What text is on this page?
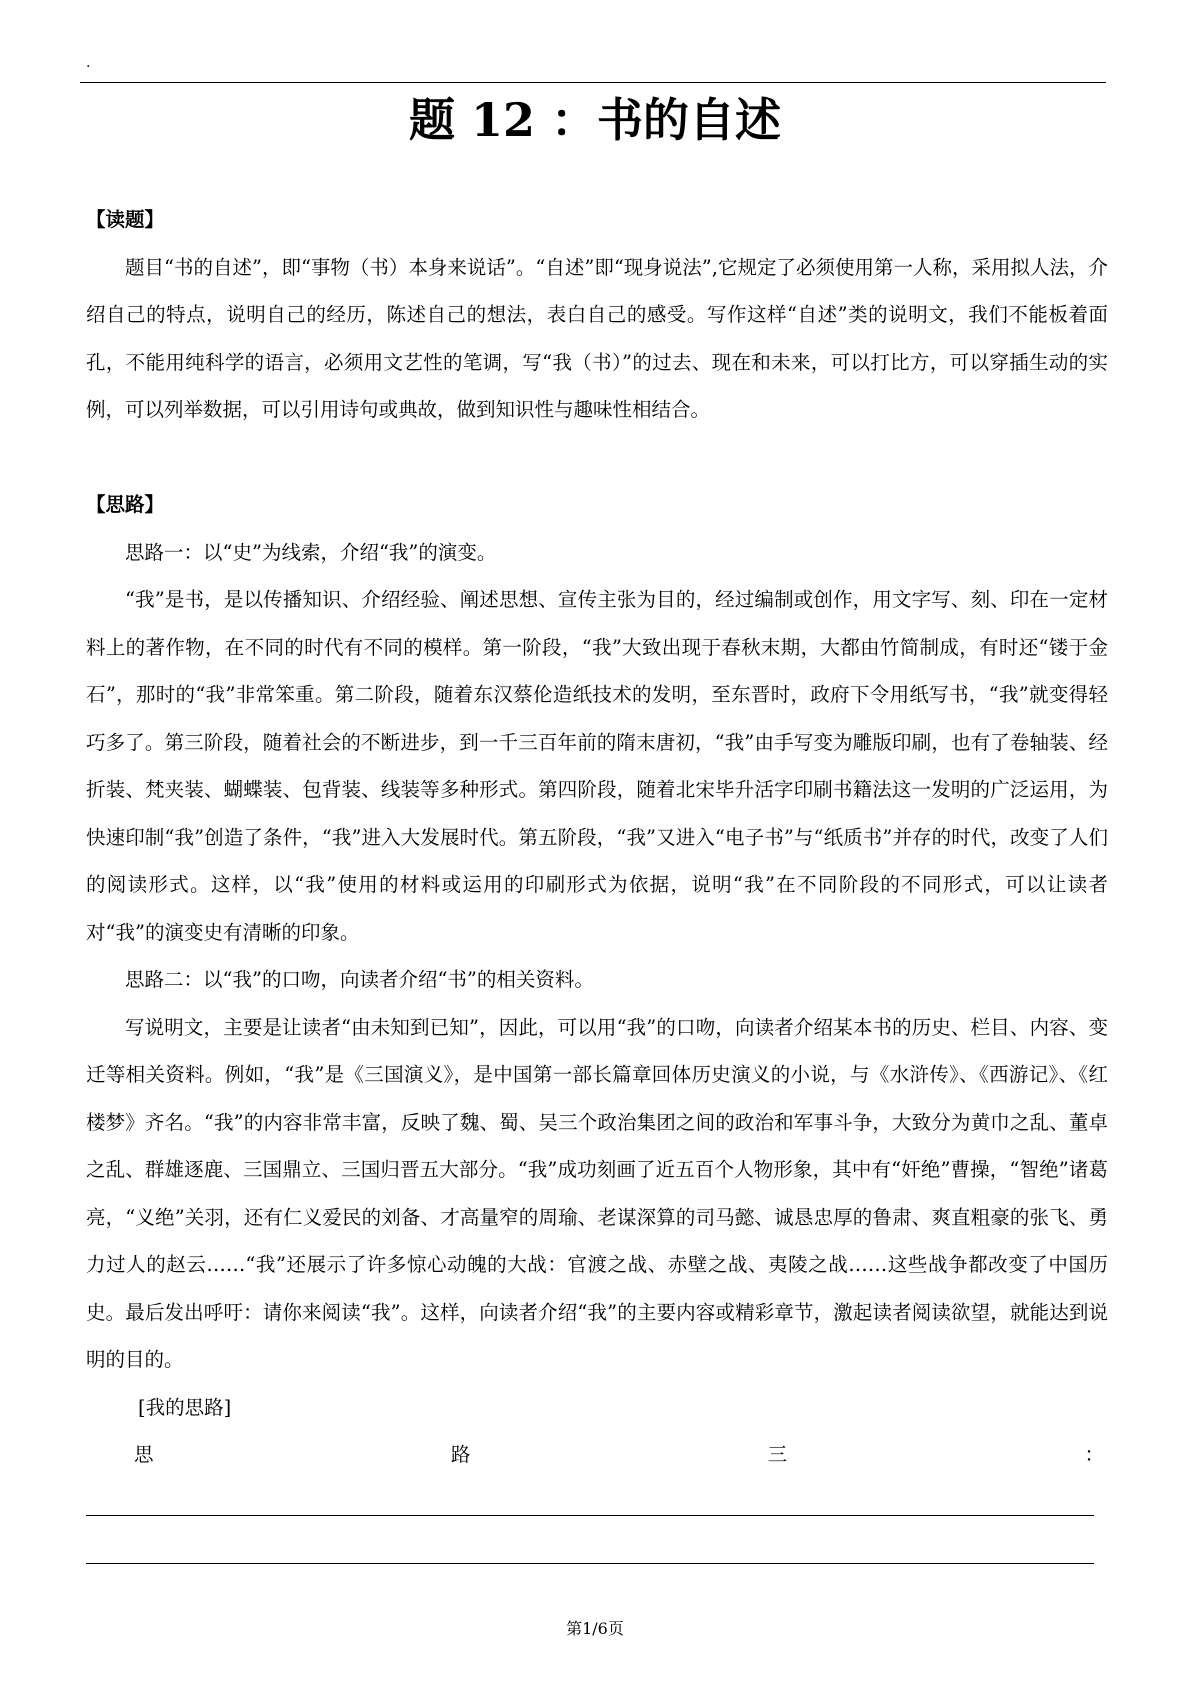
.
题 12 ：书的自述
【读题】

题目“书的自述”，即“事物（书）本身来说话”。“自述”即“现身说法”,它规定了必须使用第一人称，采用拟人法，介绍自己的特点，说明自己的经历，陈述自己的想法，表白自己的感受。写作这样“自述”类的说明文，我们不能板着面孔，不能用纯科学的语言，必须用文艺性的笔调，写“我（书）”的过去、现在和未来，可以打比方，可以穿插生动的实例，可以列举数据，可以引用诗句或典故，做到知识性与趣味性相结合。

【思路】

思路一：以“史”为线索，介绍“我”的演变。

“我”是书，是以传播知识、介绍经验、阐述思想、宣传主张为目的，经过编制或创作，用文字写、刻、印在一定材料上的著作物，在不同的时代有不同的模样。第一阶段，“我”大致出现于春秋末期，大都由竹简制成，有时还“镂于金石”，那时的“我”非常笨重。第二阶段，随着东汉蔡伦造纸技术的发明，至东晋时，政府下令用纸写书，“我”就变得轻巧多了。第三阶段，随着社会的不断进步，到一千三百年前的隋末唐初，“我”由手写变为雕版印刷，也有了卷轴装、经折装、梵夹装、蝴蝶装、包背装、线装等多种形式。第四阶段，随着北宋毕升活字印刷书籍法这一发明的广泛运用，为快速印制“我”创造了条件，“我”进入大发展时代。第五阶段，“我”又进入“电子书”与“纸质书”并存的时代，改变了人们的阅读形式。这样，以“我”使用的材料或运用的印刷形式为依据，说明“我”在不同阶段的不同形式，可以让读者对“我”的演变史有清晰的印象。

思路二：以“我”的口吻，向读者介绍“书”的相关资料。

写说明文，主要是让读者“由未知到已知”，因此，可以用“我”的口吻，向读者介绍某本书的历史、栏目、内容、变迁等相关资料。例如，“我”是《三国演义》，是中国第一部长篇章回体历史演义的小说，与《水浒传》、《西游记》、《红楼梦》齐名。“我”的内容非常丰富，反映了魏、蜀、吴三个政治集团之间的政治和军事斗争，大致分为黄巾之乱、董卓之乱、群雄逐鹿、三国鼎立、三国归晋五大部分。“我”成功刻画了近五百个人物形象，其中有“奸绝”曹操，“智绝”诸葛亮，“义绝”关羽，还有仁义爱民的刘备、才高量窄的周瑜、老谋深算的司马懿、诚恳忠厚的鲁肃、爽直粗豪的张飞、勇力过人的赵云……“我”还展示了许多惊心动魄的大战：官渡之战、赤壁之战、夷陵之战……这些战争都改变了中国历史。最后发出呼吁：请你来阅读“我”。这样，向读者介绍“我”的主要内容或精彩章节，激起读者阅读欲望，就能达到说明的目的。

[我的思路]
思	路	三	：
第1/6页
